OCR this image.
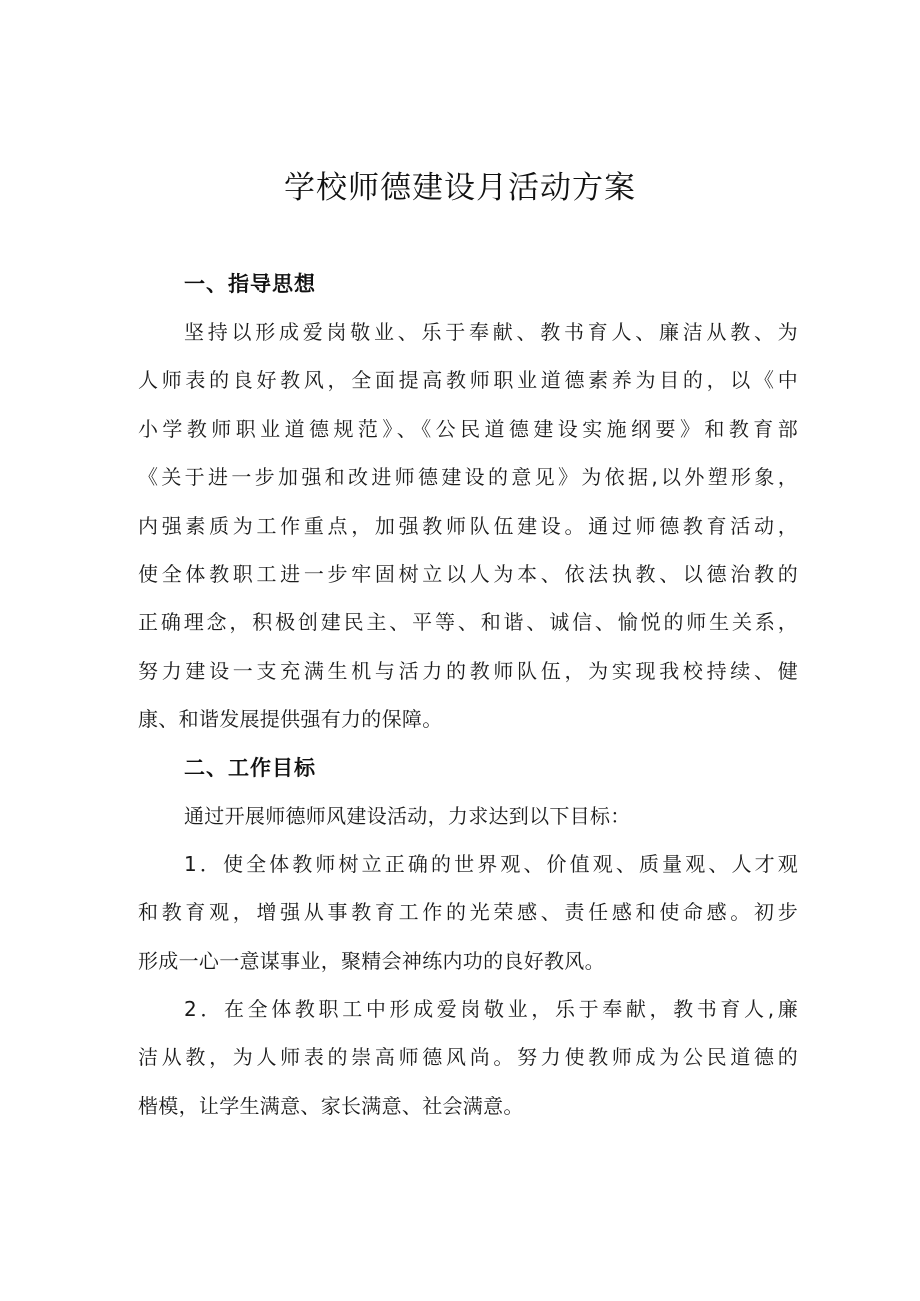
学校师德建设月活动方案
一、指导思想
坚持以形成爱岗敬业、乐于奉献、教书育人、廉洁从教、为
人师表的良好教风，全面提高教师职业道德素养为目的，以《中
小学教师职业道德规范》、《公民道德建设实施纲要》和教育部
《关于进一步加强和改进师德建设的意见》为依据,以外塑形象，
内强素质为工作重点，加强教师队伍建设。通过师德教育活动，
使全体教职工进一步牢固树立以人为本、依法执教、以德治教的
正确理念，积极创建民主、平等、和谐、诚信、愉悦的师生关系，
努力建设一支充满生机与活力的教师队伍，为实现我校持续、健
康、和谐发展提供强有力的保障。
二、工作目标
通过开展师德师风建设活动，力求达到以下目标：
1．使全体教师树立正确的世界观、价值观、质量观、人才观
和教育观，增强从事教育工作的光荣感、责任感和使命感。初步
形成一心一意谋事业，聚精会神练内功的良好教风。
2．在全体教职工中形成爱岗敬业，乐于奉献，教书育人,廉
洁从教，为人师表的崇高师德风尚。努力使教师成为公民道德的
楷模，让学生满意、家长满意、社会满意。
